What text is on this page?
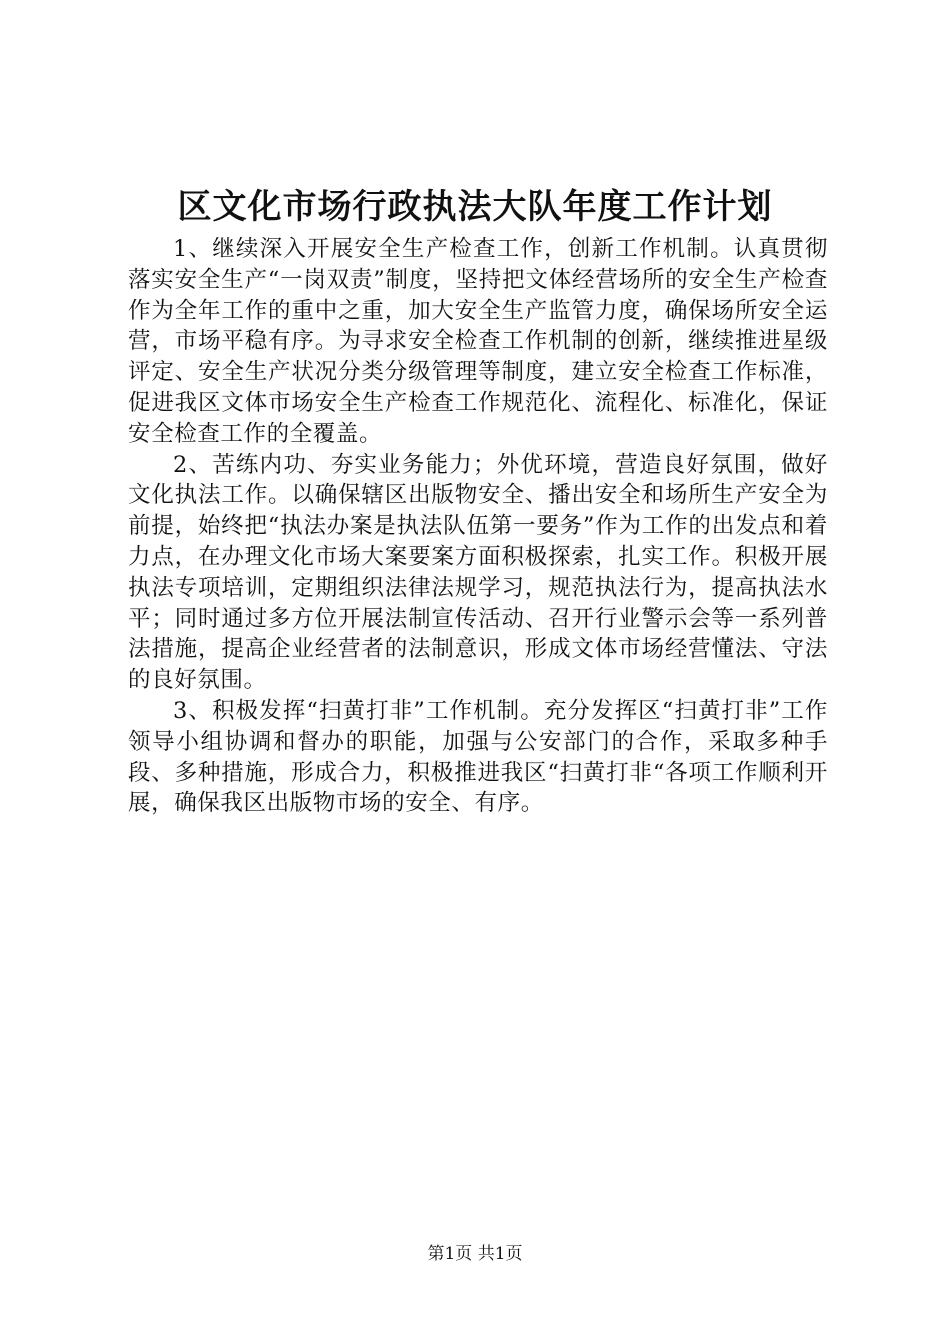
区文化市场行政执法大队年度工作计划

1、继续深入开展安全生产检查工作，创新工作机制。认真贯彻落实安全生产“一岗双责”制度，坚持把文体经营场所的安全生产检查作为全年工作的重中之重，加大安全生产监管力度，确保场所安全运营，市场平稳有序。为寻求安全检查工作机制的创新，继续推进星级评定、安全生产状况分类分级管理等制度，建立安全检查工作标准，促进我区文体市场安全生产检查工作规范化、流程化、标准化，保证安全检查工作的全覆盖。

2、苦练内功、夯实业务能力；外优环境，营造良好氛围，做好文化执法工作。以确保辖区出版物安全、播出安全和场所生产安全为前提，始终把“执法办案是执法队伍第一要务”作为工作的出发点和着力点，在办理文化市场大案要案方面积极探索，扎实工作。积极开展执法专项培训，定期组织法律法规学习，规范执法行为，提高执法水平；同时通过多方位开展法制宣传活动、召开行业警示会等一系列普法措施，提高企业经营者的法制意识，形成文体市场经营懂法、守法的良好氛围。

3、积极发挥“扫黄打非”工作机制。充分发挥区“扫黄打非”工作领导小组协调和督办的职能，加强与公安部门的合作，采取多种手段、多种措施，形成合力，积极推进我区“扫黄打非“各项工作顺利开展，确保我区出版物市场的安全、有序。

第1页 共1页
